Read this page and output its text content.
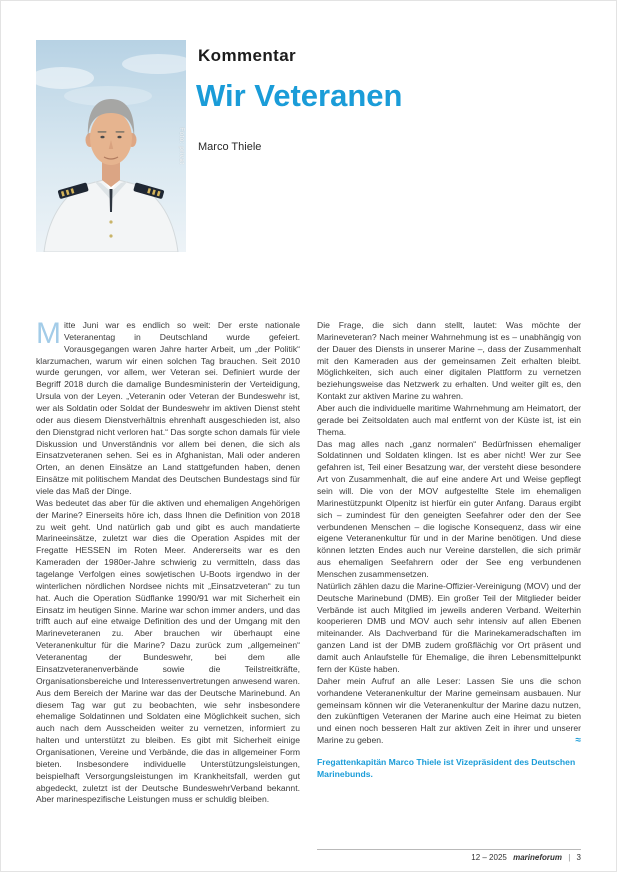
Foto: privat
Kommentar
Wir Veteranen
Marco Thiele
M itte Juni war es endlich so weit: Der erste nationale Veteranentag in Deutschland wurde gefeiert. Vorausgegangen waren Jahre harter Arbeit, um „der Politik“ klarzumachen, warum wir einen solchen Tag brauchen. Seit 2010 wurde gerungen, vor allem, wer Veteran sei. Definiert wurde der Begriff 2018 durch die damalige Bundesministerin der Verteidigung, Ursula von der Leyen. „Veteranin oder Veteran der Bundeswehr ist, wer als Soldatin oder Soldat der Bundeswehr im aktiven Dienst steht oder aus diesem Dienstverhältnis ehrenhaft ausgeschieden ist, also den Dienstgrad nicht verloren hat.“ Das sorgte schon damals für viele Diskussion und Unverständnis vor allem bei denen, die sich als Einsatzveteranen sehen. Sei es in Afghanistan, Mali oder anderen Orten, an denen Einsätze an Land stattgefunden haben, denen Einsätze mit politischem Mandat des Deutschen Bundestags sind für viele das Maß der Dinge.

Was bedeutet das aber für die aktiven und ehemaligen Angehörigen der Marine? Einerseits höre ich, dass Ihnen die Definition von 2018 zu weit geht. Und natürlich gab und gibt es auch mandatierte Marineeinsätze, zuletzt war dies die Operation Aspides mit der Fregatte HESSEN im Roten Meer. Andererseits war es den Kameraden der 1980er-Jahre schwierig zu vermitteln, dass das tagelange Verfolgen eines sowjetischen U-Boots irgendwo in der winterlichen nördlichen Nordsee nichts mit „Einsatzveteran“ zu tun hat. Auch die Operation Südflanke 1990/91 war mit Sicherheit ein Einsatz im heutigen Sinne. Marine war schon immer anders, und das trifft auch auf eine etwaige Definition des und der Umgang mit den Marineveteranen zu. Aber brauchen wir überhaupt eine Veteranenkultur für die Marine? Dazu zurück zum „allgemeinen“ Veteranentag der Bundeswehr, bei dem alle Einsatzveteranenverbände sowie die Teilstreitkräfte, Organisationsbereiche und Interessenvertretungen anwesend waren. Aus dem Bereich der Marine war das der Deutsche Marinebund. An diesem Tag war gut zu beobachten, wie sehr insbesondere ehemalige Soldatinnen und Soldaten eine Möglichkeit suchen, sich auch nach dem Ausscheiden weiter zu vernetzen, informiert zu halten und unterstützt zu bleiben. Es gibt mit Sicherheit einige Organisationen, Vereine und Verbände, die das in allgemeiner Form bieten. Insbesondere individuelle Unterstützungsleistungen, beispielhaft Versorgungsleistungen im Krankheitsfall, werden gut abgedeckt, zuletzt ist der Deutsche BundeswehrVerband bekannt. Aber marinespezifische Leistungen muss er schuldig bleiben.

Die Frage, die sich dann stellt, lautet: Was möchte der Marineveteran? Nach meiner Wahrnehmung ist es – unabhängig von der Dauer des Diensts in unserer Marine –, dass der Zusammenhalt mit den Kameraden aus der gemeinsamen Zeit erhalten bleibt. Möglichkeiten, sich auch einer digitalen Plattform zu vernetzen beziehungsweise das Netzwerk zu erhalten. Und weiter gilt es, den Kontakt zur aktiven Marine zu wahren.

Aber auch die individuelle maritime Wahrnehmung am Heimatort, der gerade bei Zeitsoldaten auch mal entfernt von der Küste ist, ist ein Thema.

Das mag alles nach „ganz normalen“ Bedürfnissen ehemaliger Soldatinnen und Soldaten klingen. Ist es aber nicht! Wer zur See gefahren ist, Teil einer Besatzung war, der versteht diese besondere Art von Zusammenhalt, die auf eine andere Art und Weise gepflegt sein will. Die von der MOV aufgestellte Stele im ehemaligen Marinestützpunkt Olpenitz ist hierfür ein guter Anfang. Daraus ergibt sich – zumindest für den geneigten Seefahrer oder den der See verbundenen Menschen – die logische Konsequenz, dass wir eine eigene Veteranenkultur für und in der Marine benötigen. Und diese können letzten Endes auch nur Vereine darstellen, die sich primär aus ehemaligen Seefahrern oder der See eng verbundenen Menschen zusammensetzen.

Natürlich zählen dazu die Marine-Offizier-Vereinigung (MOV) und der Deutsche Marinebund (DMB). Ein großer Teil der Mitglieder beider Verbände ist auch Mitglied im jeweils anderen Verband. Weiterhin kooperieren DMB und MOV auch sehr intensiv auf allen Ebenen miteinander. Als Dachverband für die Marinekameradschaften im ganzen Land ist der DMB zudem großflächig vor Ort präsent und damit auch Anlaufstelle für Ehemalige, die ihren Lebensmittelpunkt fern der Küste haben.

Daher mein Aufruf an alle Leser: Lassen Sie uns die schon vorhandene Veteranenkultur der Marine gemeinsam ausbauen. Nur gemeinsam können wir die Veteranenkultur der Marine dazu nutzen, den zukünftigen Veteranen der Marine auch eine Heimat zu bieten und einen noch besseren Halt zur aktiven Zeit in ihrer und unserer Marine zu geben.	≈

Fregattenkapitän Marco Thiele ist Vizepräsident des Deutschen Marinebunds.
12 – 2025 marineforum | 3
